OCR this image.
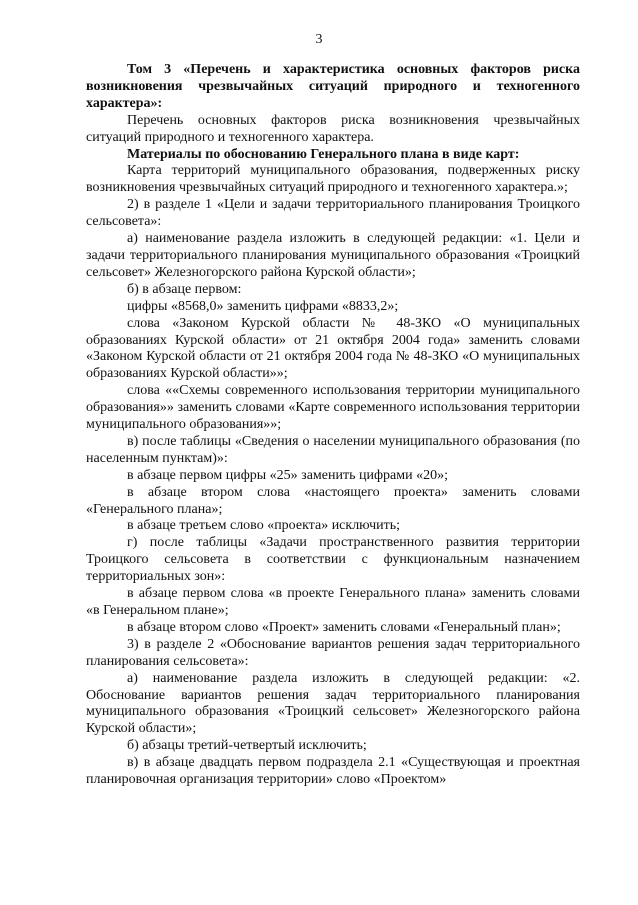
3

Том 3 «Перечень и характеристика основных факторов риска возникновения чрезвычайных ситуаций природного и техногенного характера»:

Перечень основных факторов риска возникновения чрезвычайных ситуаций природного и техногенного характера.

Материалы по обоснованию Генерального плана в виде карт:

Карта территорий муниципального образования, подверженных риску возникновения чрезвычайных ситуаций природного и техногенного характера.»;

2) в разделе 1 «Цели и задачи территориального планирования Троицкого сельсовета»:

а) наименование раздела изложить в следующей редакции: «1. Цели и задачи территориального планирования муниципального образования «Троицкий сельсовет» Железногорского района Курской области»;

б) в абзаце первом:

цифры «8568,0» заменить цифрами «8833,2»;

слова «Законом Курской области № 48-ЗКО «О муниципальных образованиях Курской области» от 21 октября 2004 года» заменить словами «Законом Курской области от 21 октября 2004 года № 48-ЗКО «О муниципальных образованиях Курской области»»;

слова ««Схемы современного использования территории муниципального образования»» заменить словами «Карте современного использования территории муниципального образования»»;

в) после таблицы «Сведения о населении муниципального образования (по населенным пунктам)»:

в абзаце первом цифры «25» заменить цифрами «20»;

в абзаце втором слова «настоящего проекта» заменить словами «Генерального плана»;

в абзаце третьем слово «проекта» исключить;

г) после таблицы «Задачи пространственного развития территории Троицкого сельсовета в соответствии с функциональным назначением территориальных зон»:

в абзаце первом слова «в проекте Генерального плана» заменить словами «в Генеральном плане»;

в абзаце втором слово «Проект» заменить словами «Генеральный план»;

3) в разделе 2 «Обоснование вариантов решения задач территориального планирования сельсовета»:

а) наименование раздела изложить в следующей редакции: «2. Обоснование вариантов решения задач территориального планирования муниципального образования «Троицкий сельсовет» Железногорского района Курской области»;

б) абзацы третий-четвертый исключить;

в) в абзаце двадцать первом подраздела 2.1 «Существующая и проектная планировочная организация территории» слово «Проектом»
